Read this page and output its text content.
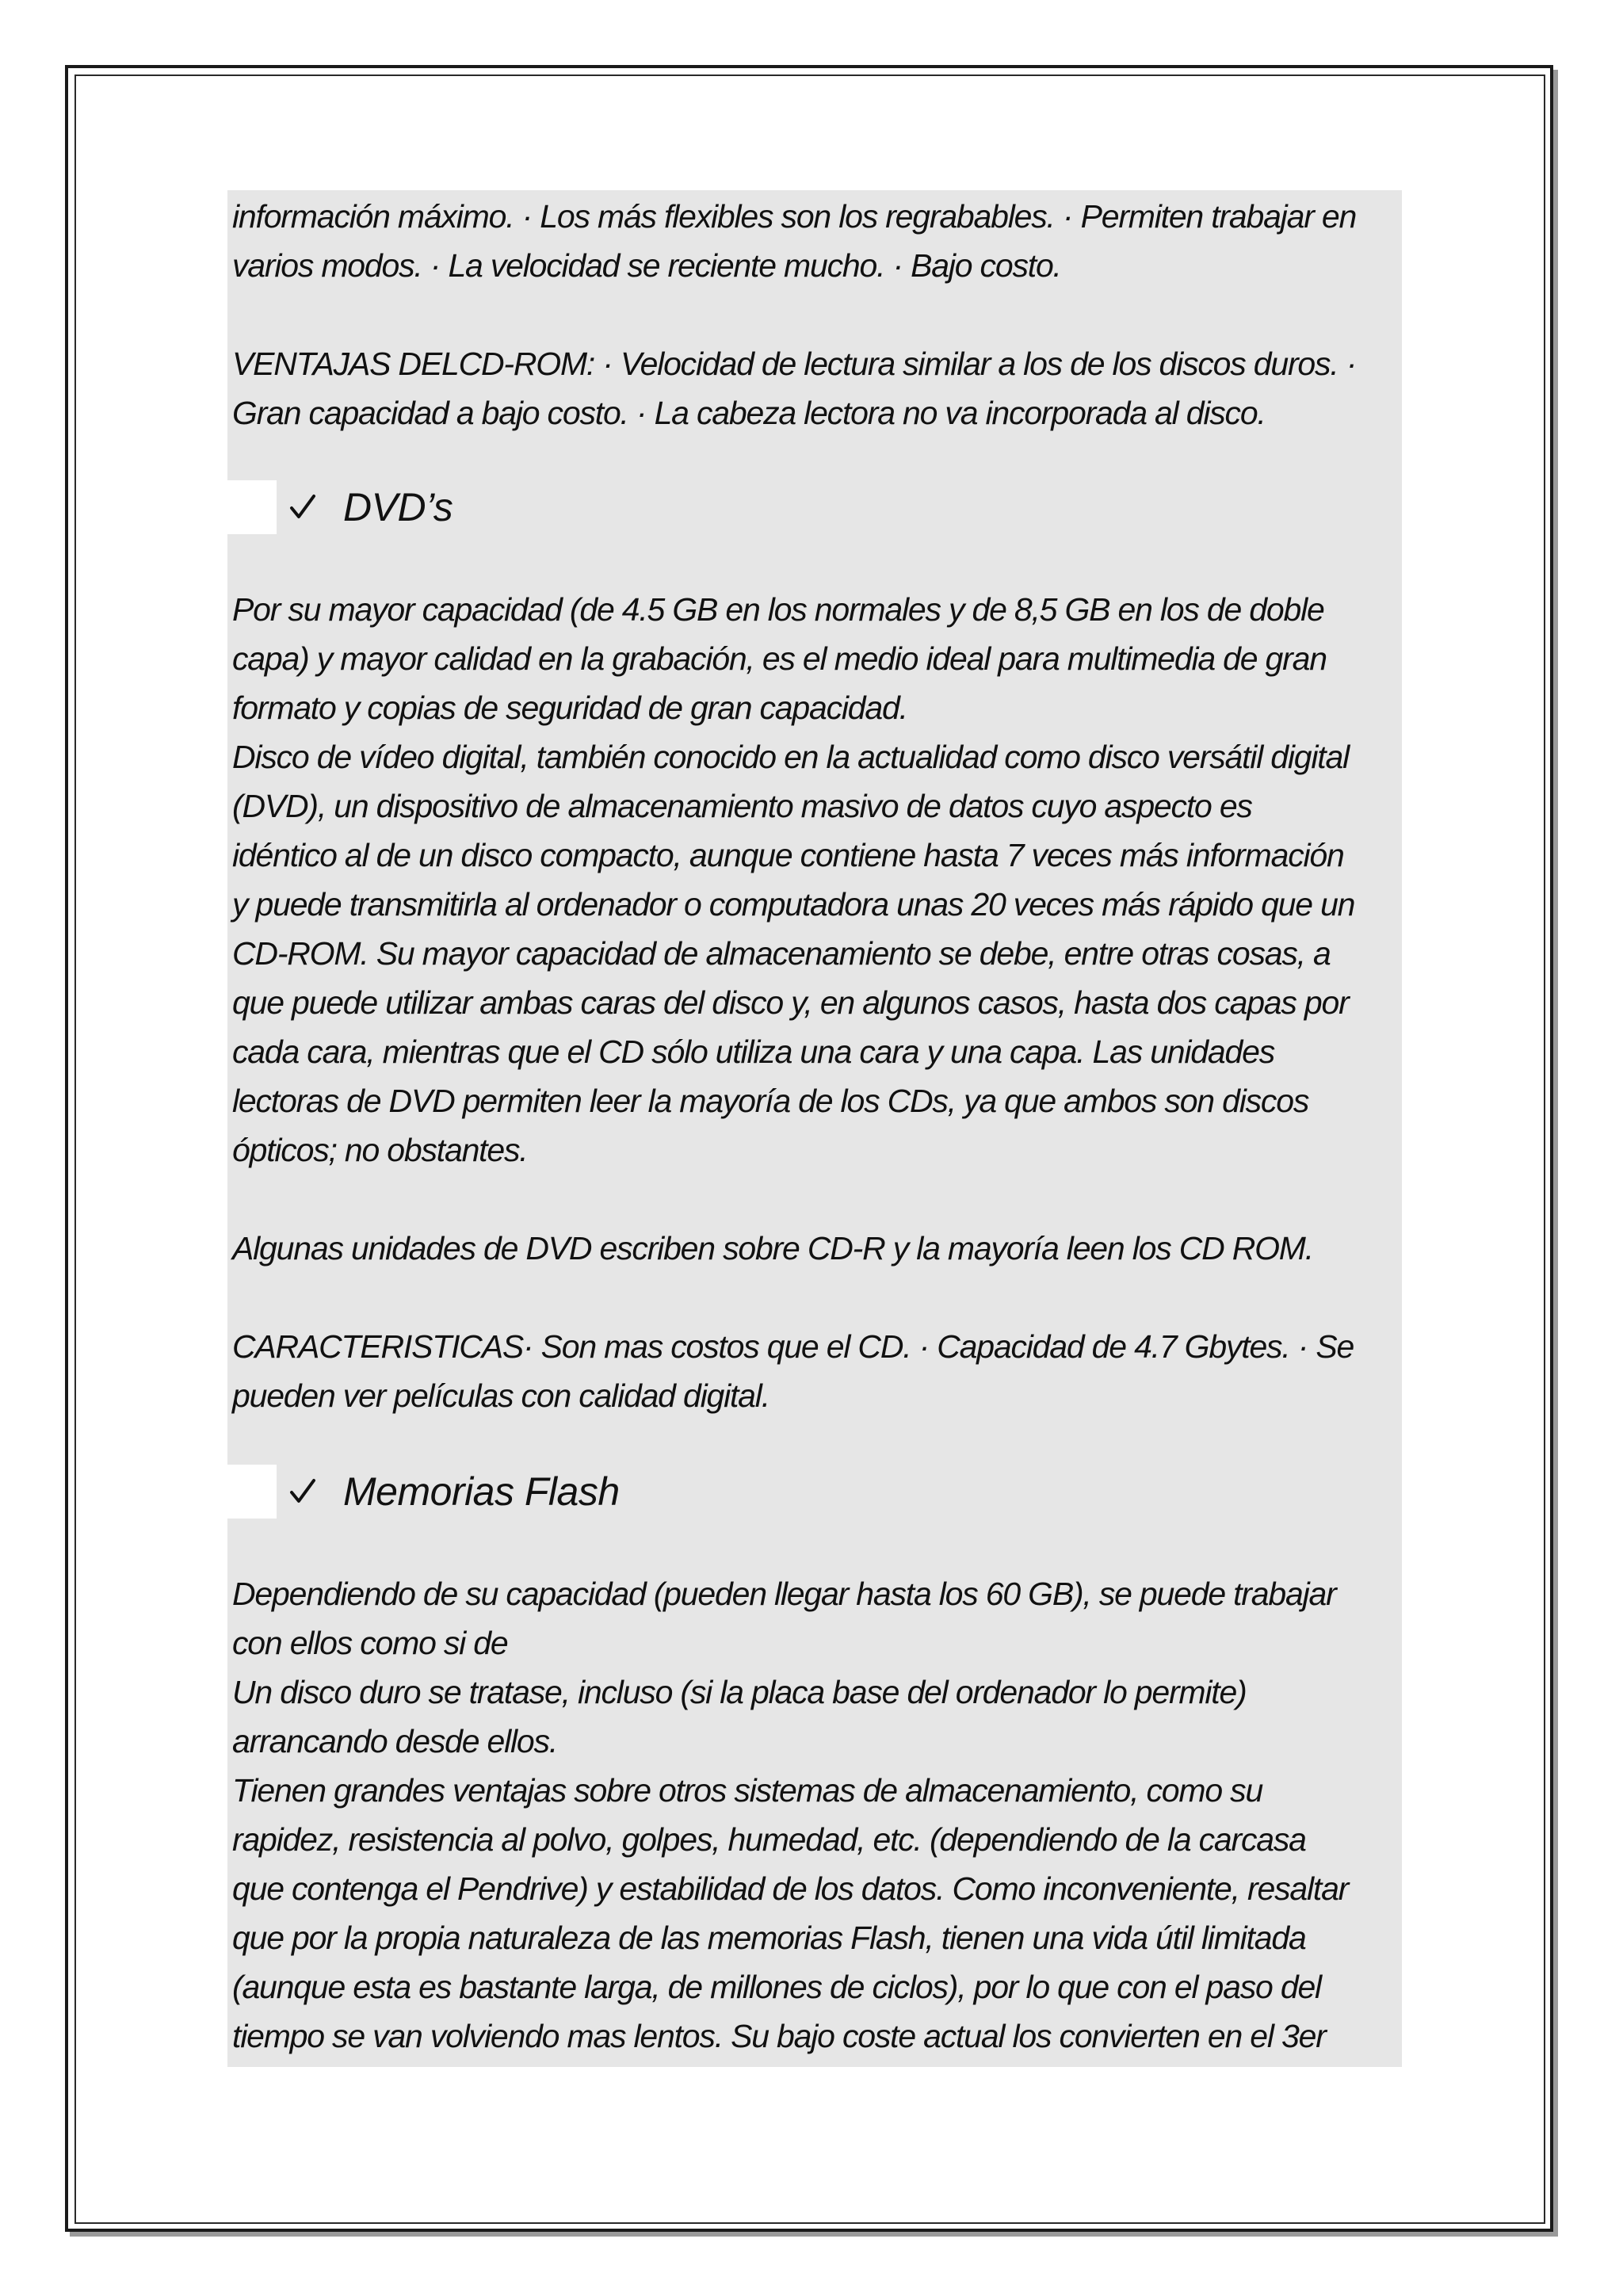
información máximo. · Los más flexibles son los regrabables. · Permiten trabajar en
varios modos. · La velocidad se reciente mucho. · Bajo costo.
VENTAJAS DELCD-ROM: · Velocidad de lectura similar a los de los discos duros. ·
Gran capacidad a bajo costo. · La cabeza lectora no va incorporada al disco.
DVD’s
Por su mayor capacidad (de 4.5 GB en los normales y de 8,5 GB en los de doble
capa) y mayor calidad en la grabación, es el medio ideal para multimedia de gran
formato y copias de seguridad de gran capacidad.
Disco de vídeo digital, también conocido en la actualidad como disco versátil digital
(DVD), un dispositivo de almacenamiento masivo de datos cuyo aspecto es
idéntico al de un disco compacto, aunque contiene hasta 7 veces más información
y puede transmitirla al ordenador o computadora unas 20 veces más rápido que un
CD-ROM. Su mayor capacidad de almacenamiento se debe, entre otras cosas, a
que puede utilizar ambas caras del disco y, en algunos casos, hasta dos capas por
cada cara, mientras que el CD sólo utiliza una cara y una capa. Las unidades
lectoras de DVD permiten leer la mayoría de los CDs, ya que ambos son discos
ópticos; no obstantes.
Algunas unidades de DVD escriben sobre CD-R y la mayoría leen los CD ROM.
CARACTERISTICAS· Son mas costos que el CD. · Capacidad de 4.7 Gbytes. · Se
pueden ver películas con calidad digital.
Memorias Flash
Dependiendo de su capacidad (pueden llegar hasta los 60 GB), se puede trabajar
con ellos como si de
Un disco duro se tratase, incluso (si la placa base del ordenador lo permite)
arrancando desde ellos.
Tienen grandes ventajas sobre otros sistemas de almacenamiento, como su
rapidez, resistencia al polvo, golpes, humedad, etc. (dependiendo de la carcasa
que contenga el Pendrive) y estabilidad de los datos. Como inconveniente, resaltar
que por la propia naturaleza de las memorias Flash, tienen una vida útil limitada
(aunque esta es bastante larga, de millones de ciclos), por lo que con el paso del
tiempo se van volviendo mas lentos. Su bajo coste actual los convierten en el 3er
